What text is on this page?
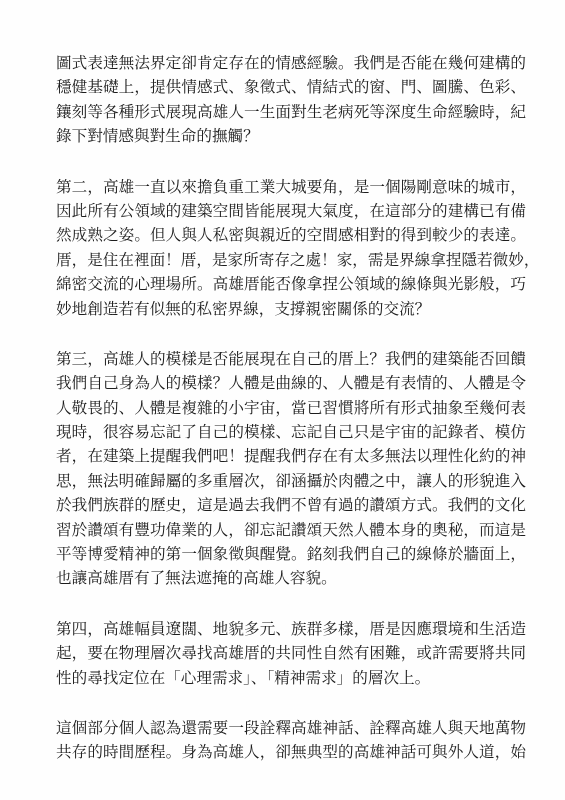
圖式表達無法界定卻肯定存在的情感經驗。我們是否能在幾何建構的
穩健基礎上，提供情感式、象徵式、情結式的窗、門、圖騰、色彩、
鑲刻等各種形式展現高雄人一生面對生老病死等深度生命經驗時，紀
錄下對情感與對生命的撫觸？

第二，高雄一直以來擔負重工業大城要角，是一個陽剛意味的城市，
因此所有公領域的建築空間皆能展現大氣度，在這部分的建構已有備
然成熟之姿。但人與人私密與親近的空間感相對的得到較少的表達。
厝，是住在裡面！厝，是家所寄存之處！家，需是界線拿捏隱若微妙，
綿密交流的心理場所。高雄厝能否像拿捏公領域的線條與光影般，巧
妙地創造若有似無的私密界線，支撐親密關係的交流？

第三，高雄人的模樣是否能展現在自己的厝上？我們的建築能否回饋
我們自己身為人的模樣？人體是曲線的、人體是有表情的、人體是令
人敬畏的、人體是複雜的小宇宙，當已習慣將所有形式抽象至幾何表
現時，很容易忘記了自己的模樣、忘記自己只是宇宙的記錄者、模仿
者，在建築上提醒我們吧！提醒我們存在有太多無法以理性化約的神
思，無法明確歸屬的多重層次，卻涵攝於肉體之中，讓人的形貌進入
於我們族群的歷史，這是過去我們不曾有過的讚頌方式。我們的文化
習於讚頌有豐功偉業的人，卻忘記讚頌天然人體本身的奧秘，而這是
平等博愛精神的第一個象徵與醒覺。銘刻我們自己的線條於牆面上，
也讓高雄厝有了無法遮掩的高雄人容貌。

第四，高雄幅員遼闊、地貌多元、族群多樣，厝是因應環境和生活造
起，要在物理層次尋找高雄厝的共同性自然有困難，或許需要將共同
性的尋找定位在「心理需求」、「精神需求」的層次上。

這個部分個人認為還需要一段詮釋高雄神話、詮釋高雄人與天地萬物
共存的時間歷程。身為高雄人，卻無典型的高雄神話可與外人道，始
